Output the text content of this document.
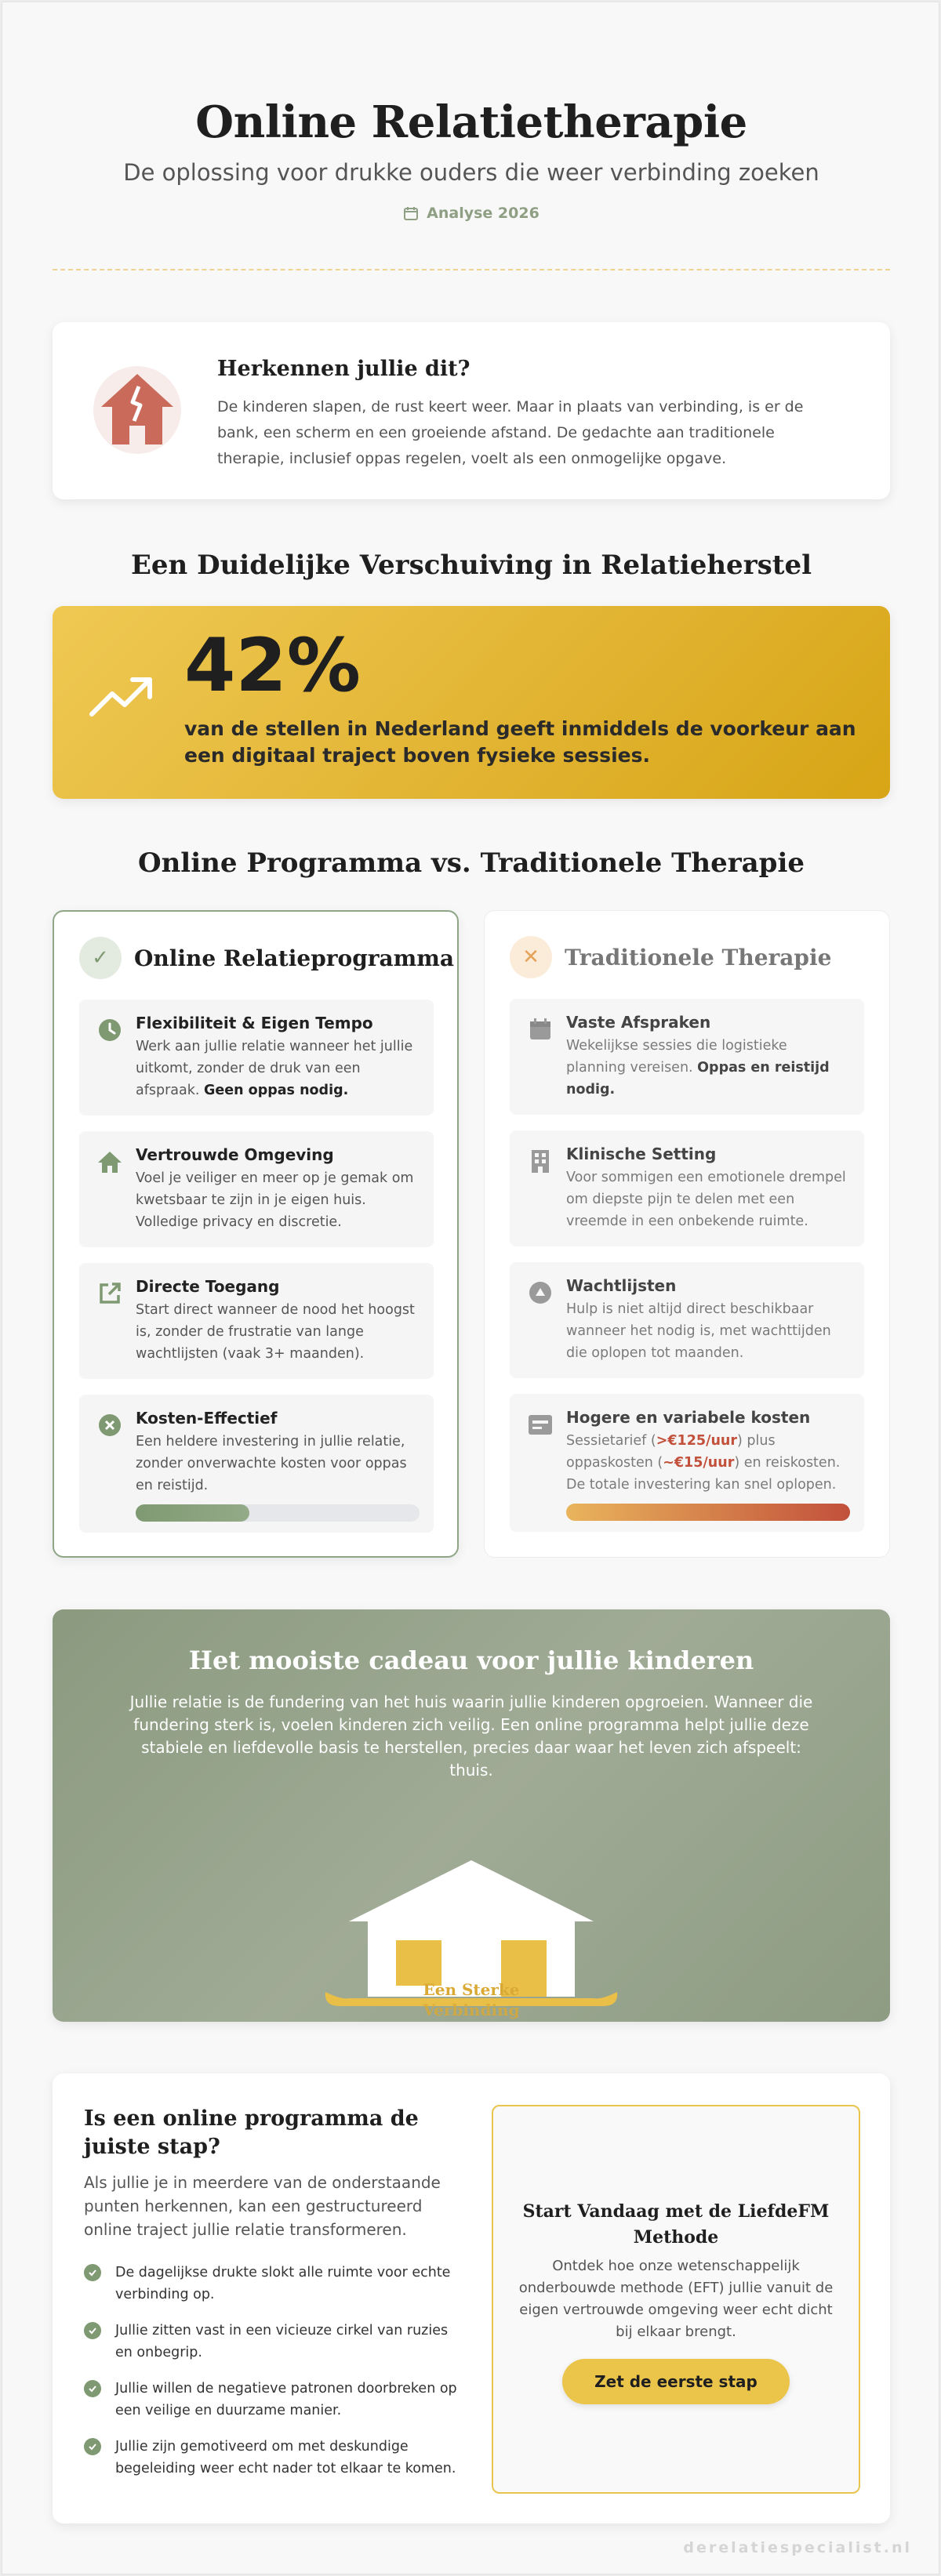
Online Relatietherapie
De oplossing voor drukke ouders die weer verbinding zoeken
Analyse 2026
Herkennen jullie dit?
De kinderen slapen, de rust keert weer. Maar in plaats van verbinding, is er de bank, een scherm en een groeiende afstand. De gedachte aan traditionele therapie, inclusief oppas regelen, voelt als een onmogelijke opgave.
Een Duidelijke Verschuiving in Relatieherstel
42%
van de stellen in Nederland geeft inmiddels de voorkeur aan een digitaal traject boven fysieke sessies.
Online Programma vs. Traditionele Therapie
✓	Online Relatieprogramma
Flexibiliteit & Eigen Tempo
Werk aan jullie relatie wanneer het jullie uitkomt, zonder de druk van een afspraak. Geen oppas nodig.
Vertrouwde Omgeving
Voel je veiliger en meer op je gemak om kwetsbaar te zijn in je eigen huis. Volledige privacy en discretie.
Directe Toegang
Start direct wanneer de nood het hoogst is, zonder de frustratie van lange wachtlijsten (vaak 3+ maanden).
Kosten-Effectief
Een heldere investering in jullie relatie, zonder onverwachte kosten voor oppas en reistijd.
✕	Traditionele Therapie
Vaste Afspraken
Wekelijkse sessies die logistieke planning vereisen. Oppas en reistijd nodig.
Klinische Setting
Voor sommigen een emotionele drempel om diepste pijn te delen met een vreemde in een onbekende ruimte.
Wachtlijsten
Hulp is niet altijd direct beschikbaar wanneer het nodig is, met wachttijden die oplopen tot maanden.
Hogere en variabele kosten
Sessietarief (>€125/uur) plus oppaskosten (~€15/uur) en reiskosten. De totale investering kan snel oplopen.
Het mooiste cadeau voor jullie kinderen
Jullie relatie is de fundering van het huis waarin jullie kinderen opgroeien. Wanneer die fundering sterk is, voelen kinderen zich veilig. Een online programma helpt jullie deze stabiele en liefdevolle basis te herstellen, precies daar waar het leven zich afspeelt: thuis.
Een Sterke
Verbinding
Is een online programma de juiste stap?
Als jullie je in meerdere van de onderstaande punten herkennen, kan een gestructureerd online traject jullie relatie transformeren.
De dagelijkse drukte slokt alle ruimte voor echte verbinding op.
Jullie zitten vast in een vicieuze cirkel van ruzies en onbegrip.
Jullie willen de negatieve patronen doorbreken op een veilige en duurzame manier.
Jullie zijn gemotiveerd om met deskundige begeleiding weer echt nader tot elkaar te komen.
Start Vandaag met de LiefdeFM Methode
Ontdek hoe onze wetenschappelijk onderbouwde methode (EFT) jullie vanuit de eigen vertrouwde omgeving weer echt dicht bij elkaar brengt.
Zet de eerste stap
derelatiespecialist.nl
